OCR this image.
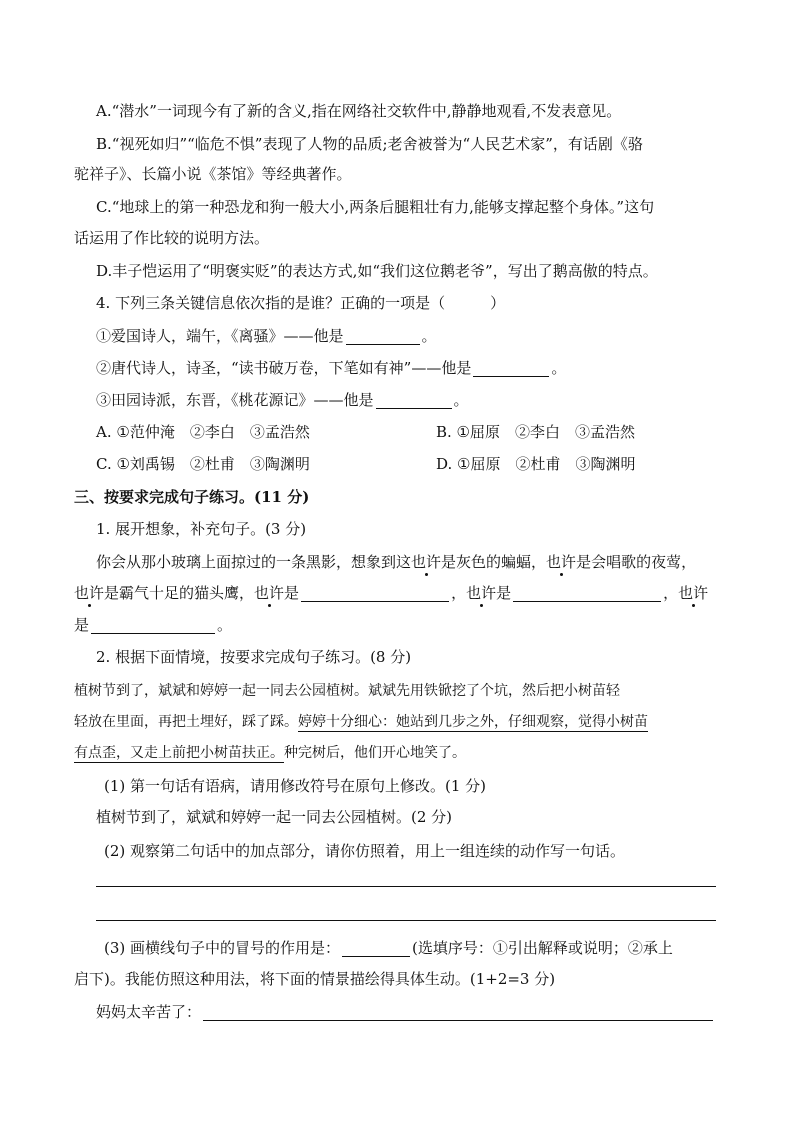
A.“潜水”一词现今有了新的含义,指在网络社交软件中,静静地观看,不发表意见。
B.“视死如归”“临危不惧”表现了人物的品质;老舍被誉为“人民艺术家”，有话剧《骆
驼祥子》、长篇小说《茶馆》等经典著作。
C.“地球上的第一种恐龙和狗一般大小,两条后腿粗壮有力,能够支撑起整个身体。”这句
话运用了作比较的说明方法。
D.丰子恺运用了“明褒实贬”的表达方式,如“我们这位鹅老爷”，写出了鹅高傲的特点。
4. 下列三条关键信息依次指的是谁？正确的一项是（　　　）
①爱国诗人，端午，《离骚》——他是	。
②唐代诗人，诗圣，“读书破万卷，下笔如有神”——他是	。
③田园诗派，东晋，《桃花源记》——他是	。
A. ①范仲淹　②李白　③孟浩然	B. ①屈原　②李白　③孟浩然
C. ①刘禹锡　②杜甫　③陶渊明	D. ①屈原　②杜甫　③陶渊明
三、按要求完成句子练习。(11 分)
1. 展开想象，补充句子。(3 分)
你会从那小玻璃上面掠过的一条黑影，想象到这也许是灰色的蝙蝠，也许是会唱歌的夜莺，
也许是霸气十足的猫头鹰，也许是	，也许是	，也许
是	。
2. 根据下面情境，按要求完成句子练习。(8 分)
植树节到了，斌斌和婷婷一起一同去公园植树。斌斌先用铁锨挖了个坑，然后把小树苗轻
轻放在里面，再把土埋好，踩了踩。婷婷十分细心：她站到几步之外，仔细观察，觉得小树苗
有点歪，又走上前把小树苗扶正。种完树后，他们开心地笑了。
(1) 第一句话有语病，请用修改符号在原句上修改。(1 分)
植树节到了，斌斌和婷婷一起一同去公园植树。(2 分)
(2) 观察第二句话中的加点部分，请你仿照着，用上一组连续的动作写一句话。
(3) 画横线句子中的冒号的作用是：	(选填序号：①引出解释或说明；②承上
启下)。我能仿照这种用法，将下面的情景描绘得具体生动。(1+2=3 分)
妈妈太辛苦了：
